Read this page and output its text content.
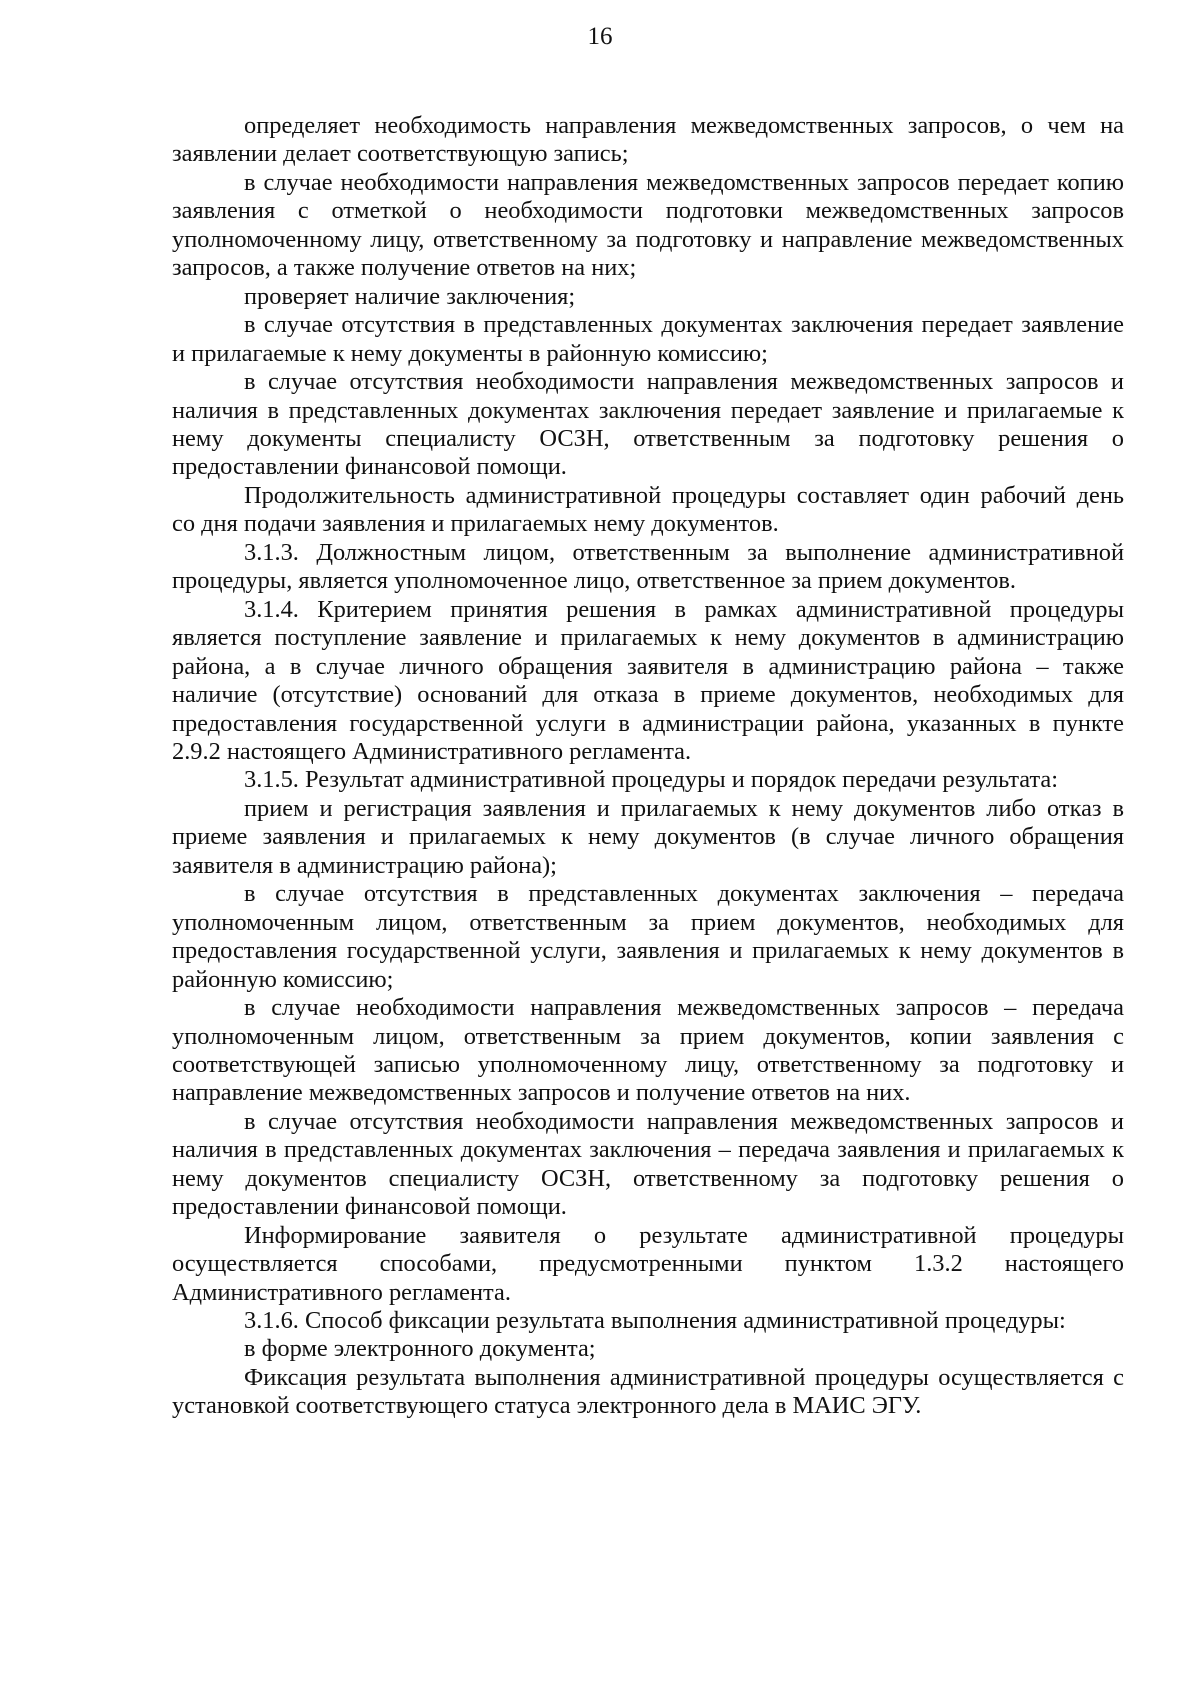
16

определяет необходимость направления межведомственных запросов, о чем на заявлении делает соответствующую запись;

в случае необходимости направления межведомственных запросов передает копию заявления с отметкой о необходимости подготовки межведомственных запросов уполномоченному лицу, ответственному за подготовку и направление межведомственных запросов, а также получение ответов на них;

проверяет наличие заключения;

в случае отсутствия в представленных документах заключения передает заявление и прилагаемые к нему документы в районную комиссию;

в случае отсутствия необходимости направления межведомственных запросов и наличия в представленных документах заключения передает заявление и прилагаемые к нему документы специалисту ОСЗН, ответственным за подготовку решения о предоставлении финансовой помощи.

Продолжительность административной процедуры составляет один рабочий день со дня подачи заявления и прилагаемых нему документов.

3.1.3. Должностным лицом, ответственным за выполнение административной процедуры, является уполномоченное лицо, ответственное за прием документов.

3.1.4. Критерием принятия решения в рамках административной процедуры является поступление заявление и прилагаемых к нему документов в администрацию района, а в случае личного обращения заявителя в администрацию района – также наличие (отсутствие) оснований для отказа в приеме документов, необходимых для предоставления государственной услуги в администрации района, указанных в пункте 2.9.2 настоящего Административного регламента.

3.1.5. Результат административной процедуры и порядок передачи результата:

прием и регистрация заявления и прилагаемых к нему документов либо отказ в приеме заявления и прилагаемых к нему документов (в случае личного обращения заявителя в администрацию района);

в случае отсутствия в представленных документах заключения – передача уполномоченным лицом, ответственным за прием документов, необходимых для предоставления государственной услуги, заявления и прилагаемых к нему документов в районную комиссию;

в случае необходимости направления межведомственных запросов – передача уполномоченным лицом, ответственным за прием документов, копии заявления с соответствующей записью уполномоченному лицу, ответственному за подготовку и направление межведомственных запросов и получение ответов на них.

в случае отсутствия необходимости направления межведомственных запросов и наличия в представленных документах заключения – передача заявления и прилагаемых к нему документов специалисту ОСЗН, ответственному за подготовку решения о предоставлении финансовой помощи.

Информирование заявителя о результате административной процедуры осуществляется способами, предусмотренными пунктом 1.3.2 настоящего Административного регламента.

3.1.6. Способ фиксации результата выполнения административной процедуры:

в форме электронного документа;

Фиксация результата выполнения административной процедуры осуществляется с установкой соответствующего статуса электронного дела в МАИС ЭГУ.
